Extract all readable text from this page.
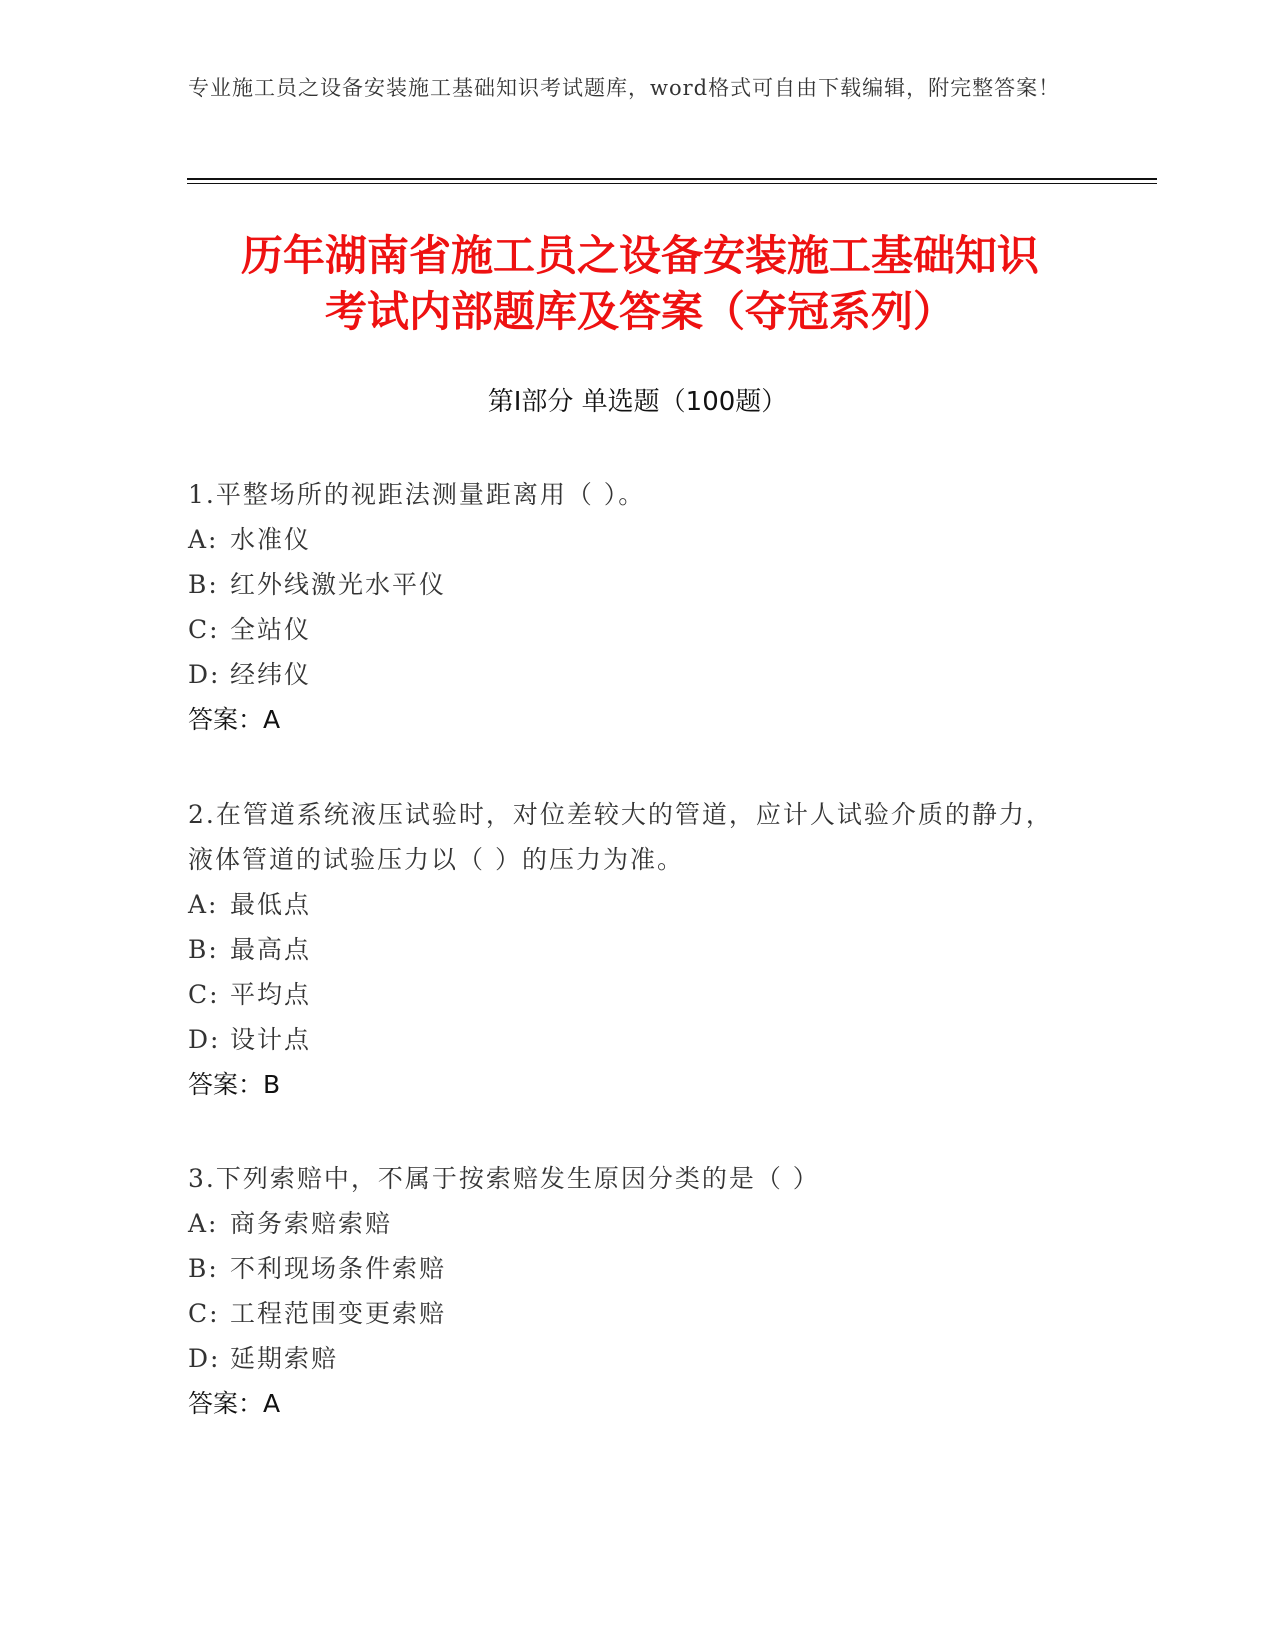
专业施工员之设备安装施工基础知识考试题库，word格式可自由下载编辑，附完整答案！
历年湖南省施工员之设备安装施工基础知识
考试内部题库及答案（夺冠系列）
第Ⅰ部分 单选题（100题）
1.平整场所的视距法测量距离用（ ）。
A: 水准仪
B: 红外线激光水平仪
C: 全站仪
D: 经纬仪
答案：A
2.在管道系统液压试验时，对位差较大的管道，应计人试验介质的静力，液体管道的试验压力以（ ）的压力为准。
A: 最低点
B: 最高点
C: 平均点
D: 设计点
答案：B
3.下列索赔中，不属于按索赔发生原因分类的是（ ）
A: 商务索赔索赔
B: 不利现场条件索赔
C: 工程范围变更索赔
D: 延期索赔
答案：A
